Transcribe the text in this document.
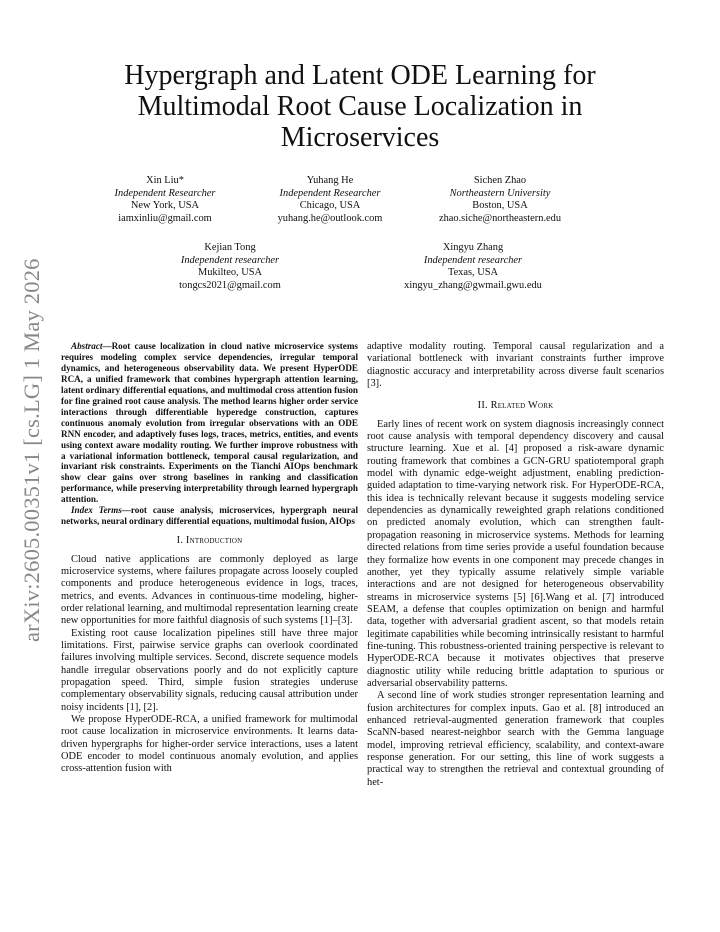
arXiv:2605.00351v1 [cs.LG] 1 May 2026
Hypergraph and Latent ODE Learning for Multimodal Root Cause Localization in Microservices
Xin Liu*
Independent Researcher
New York, USA
iamxinliu@gmail.com
Yuhang He
Independent Researcher
Chicago, USA
yuhang.he@outlook.com
Sichen Zhao
Northeastern University
Boston, USA
zhao.siche@northeastern.edu
Kejian Tong
Independent researcher
Mukilteo, USA
tongcs2021@gmail.com
Xingyu Zhang
Independent researcher
Texas, USA
xingyu_zhang@gwmail.gwu.edu

Abstract—Root cause localization in cloud native microservice systems requires modeling complex service dependencies, irregular temporal dynamics, and heterogeneous observability data. We present HyperODE RCA, a unified framework that combines hypergraph attention learning, latent ordinary differential equations, and multimodal cross attention fusion for fine grained root cause analysis. The method learns higher order service interactions through differentiable hyperedge construction, captures continuous anomaly evolution from irregular observations with an ODE RNN encoder, and adaptively fuses logs, traces, metrics, entities, and events using context aware modality routing. We further improve robustness with a variational information bottleneck, temporal causal regularization, and invariant risk constraints. Experiments on the Tianchi AIOps benchmark show clear gains over strong baselines in ranking and classification performance, while preserving interpretability through learned hypergraph attention.

Index Terms—root cause analysis, microservices, hypergraph neural networks, neural ordinary differential equations, multimodal fusion, AIOps

I. Introduction

Cloud native applications are commonly deployed as large microservice systems, where failures propagate across loosely coupled components and produce heterogeneous evidence in logs, traces, metrics, and events. Advances in continuous-time modeling, higher-order relational learning, and multimodal representation learning create new opportunities for more faithful diagnosis of such systems [1]–[3].

Existing root cause localization pipelines still have three major limitations. First, pairwise service graphs can overlook coordinated failures involving multiple services. Second, discrete sequence models handle irregular observations poorly and do not explicitly capture propagation speed. Third, simple fusion strategies underuse complementary observability signals, reducing causal attribution under noisy incidents [1], [2].

We propose HyperODE-RCA, a unified framework for multimodal root cause localization in microservice environments. It learns data-driven hypergraphs for higher-order service interactions, uses a latent ODE encoder to model continuous anomaly evolution, and applies cross-attention fusion with

adaptive modality routing. Temporal causal regularization and a variational bottleneck with invariant constraints further improve diagnostic accuracy and interpretability across diverse fault scenarios [3].

II. Related Work

Early lines of recent work on system diagnosis increasingly connect root cause analysis with temporal dependency discovery and causal structure learning. Xue et al. [4] proposed a risk-aware dynamic routing framework that combines a GCN-GRU spatiotemporal graph model with dynamic edge-weight adjustment, enabling prediction-guided adaptation to time-varying network risk. For HyperODE-RCA, this idea is technically relevant because it suggests modeling service dependencies as dynamically reweighted graph relations conditioned on predicted anomaly evolution, which can strengthen fault-propagation reasoning in microservice systems. Methods for learning directed relations from time series provide a useful foundation because they formalize how events in one component may precede changes in another, yet they typically assume relatively simple variable interactions and are not designed for heterogeneous observability streams in microservice systems [5] [6].Wang et al. [7] introduced SEAM, a defense that couples optimization on benign and harmful data, together with adversarial gradient ascent, so that models retain legitimate capabilities while becoming intrinsically resistant to harmful fine-tuning. This robustness-oriented training perspective is relevant to HyperODE-RCA because it motivates objectives that preserve diagnostic utility while reducing brittle adaptation to spurious or adversarial observability patterns.

A second line of work studies stronger representation learning and fusion architectures for complex inputs. Gao et al. [8] introduced an enhanced retrieval-augmented generation framework that couples ScaNN-based nearest-neighbor search with the Gemma language model, improving retrieval efficiency, scalability, and context-aware response generation. For our setting, this line of work suggests a practical way to strengthen the retrieval and contextual grounding of het-
